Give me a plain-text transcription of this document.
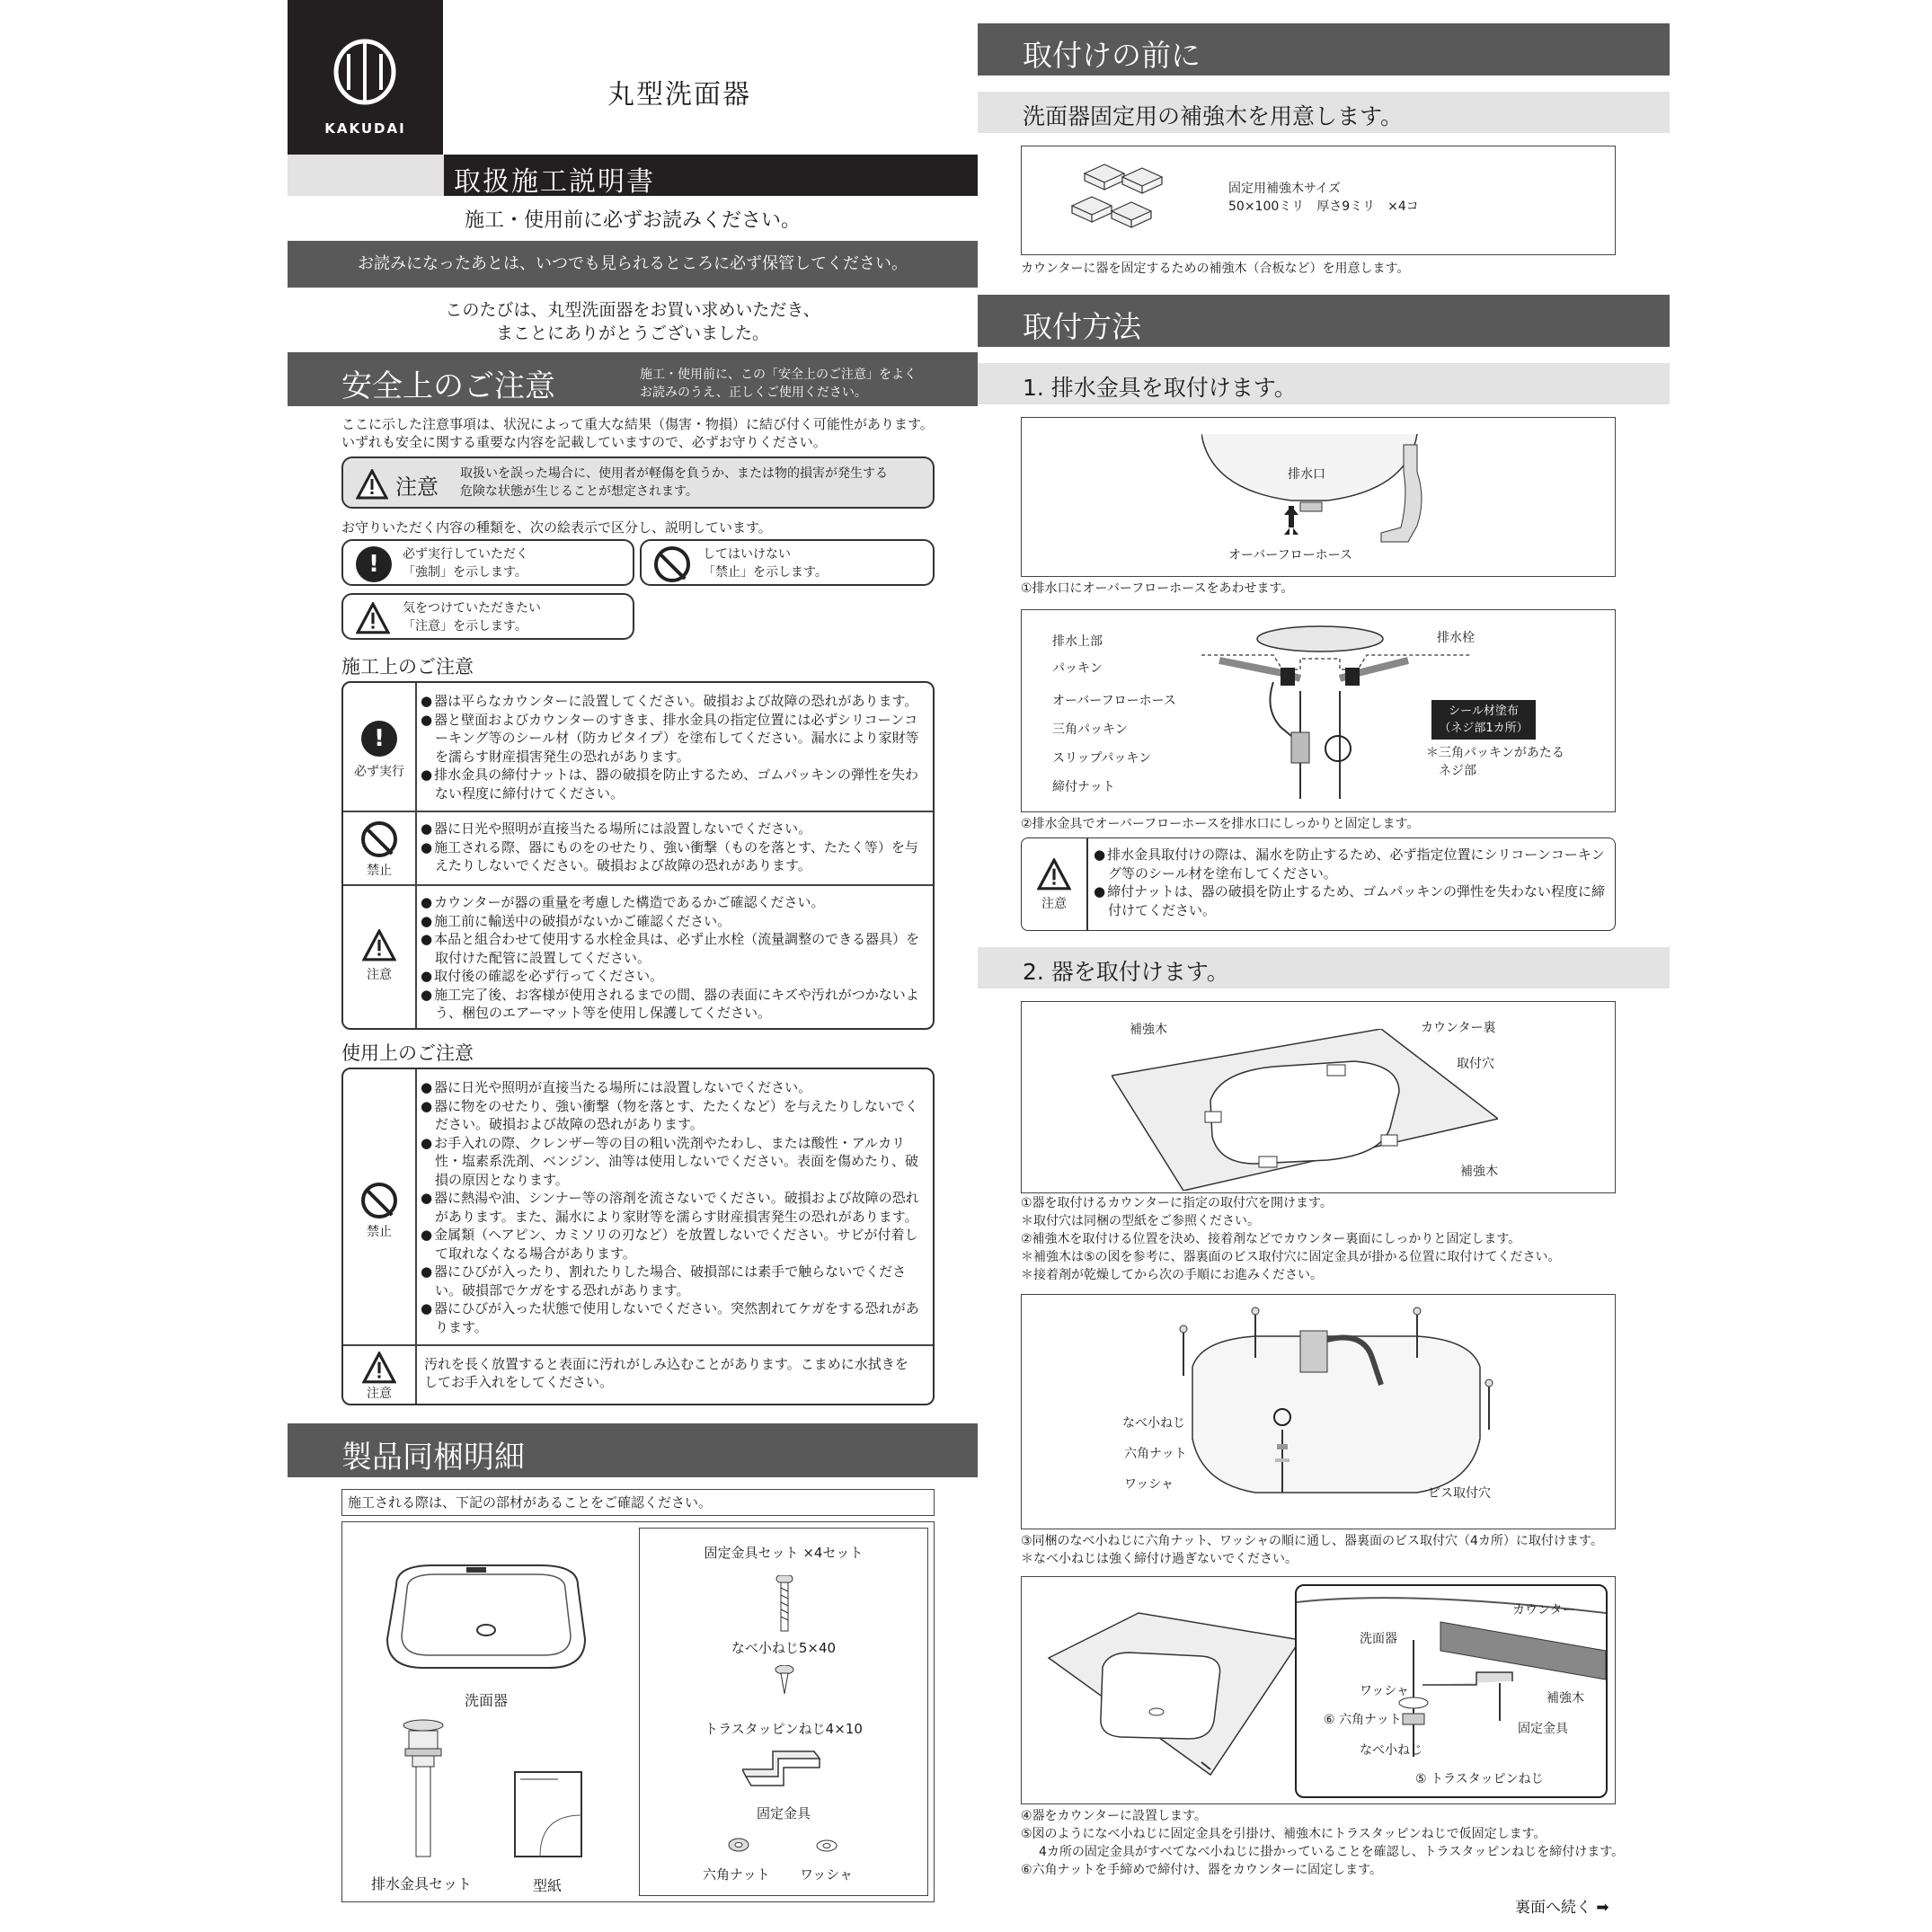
KAKUDAI
丸型洗面器
取扱施工説明書
施工・使用前に必ずお読みください。
お読みになったあとは、いつでも見られるところに必ず保管してください。
このたびは、丸型洗面器をお買い求めいただき、
まことにありがとうございました。
安全上のご注意	施工・使用前に、この「安全上のご注意」をよく
お読みのうえ、正しくご使用ください。
ここに示した注意事項は、状況によって重大な結果（傷害・物損）に結び付く可能性があります。
いずれも安全に関する重要な内容を記載していますので、必ずお守りください。
注意
取扱いを誤った場合に、使用者が軽傷を負うか、または物的損害が発生する
危険な状態が生じることが想定されます。
お守りいただく内容の種類を、次の絵表示で区分し、説明しています。
!	必ず実行していただく
「強制」を示します。
してはいけない
「禁止」を示します。
気をつけていただきたい
「注意」を示します。
施工上のご注意
!
必ず実行
● 器は平らなカウンターに設置してください。破損および故障の恐れがあります。
● 器と壁面およびカウンターのすきま、排水金具の指定位置には必ずシリコーンコーキング等のシール材（防カビタイプ）を塗布してください。漏水により家財等を濡らす財産損害発生の恐れがあります。
● 排水金具の締付ナットは、器の破損を防止するため、ゴムパッキンの弾性を失わない程度に締付けてください。
禁止
● 器に日光や照明が直接当たる場所には設置しないでください。
● 施工される際、器にものをのせたり、強い衝撃（ものを落とす、たたく等）を与えたりしないでください。破損および故障の恐れがあります。
注意
● カウンターが器の重量を考慮した構造であるかご確認ください。
● 施工前に輸送中の破損がないかご確認ください。
● 本品と組合わせて使用する水栓金具は、必ず止水栓（流量調整のできる器具）を取付けた配管に設置してください。
● 取付後の確認を必ず行ってください。
● 施工完了後、お客様が使用されるまでの間、器の表面にキズや汚れがつかないよう、梱包のエアーマット等を使用し保護してください。
使用上のご注意
禁止
● 器に日光や照明が直接当たる場所には設置しないでください。
● 器に物をのせたり、強い衝撃（物を落とす、たたくなど）を与えたりしないでください。破損および故障の恐れがあります。
● お手入れの際、クレンザー等の目の粗い洗剤やたわし、または酸性・アルカリ性・塩素系洗剤、ベンジン、油等は使用しないでください。表面を傷めたり、破損の原因となります。
● 器に熱湯や油、シンナー等の溶剤を流さないでください。破損および故障の恐れがあります。また、漏水により家財等を濡らす財産損害発生の恐れがあります。
● 金属類（ヘアピン、カミソリの刃など）を放置しないでください。サビが付着して取れなくなる場合があります。
● 器にひびが入ったり、割れたりした場合、破損部には素手で触らないでください。破損部でケガをする恐れがあります。
● 器にひびが入った状態で使用しないでください。突然割れてケガをする恐れがあります。
注意
汚れを長く放置すると表面に汚れがしみ込むことがあります。こまめに水拭きを
してお手入れをしてください。
製品同梱明細
施工される際は、下記の部材があることをご確認ください。
洗面器
排水金具セット	型紙
固定金具セット ×4セット
なべ小ねじ5×40
トラスタッピンねじ4×10
固定金具
六角ナット ワッシャ
取付けの前に
洗面器固定用の補強木を用意します。
固定用補強木サイズ
50×100ミリ　厚さ9ミリ　×4コ
カウンターに器を固定するための補強木（合板など）を用意します。
取付方法
1. 排水金具を取付けます。
排水口
オーバーフローホース
①排水口にオーバーフローホースをあわせます。
排水上部
パッキン
オーバーフローホース
三角パッキン
スリップパッキン
締付ナット
排水栓
シール材塗布
（ネジ部1カ所）
＊三角パッキンがあたる
ネジ部
②排水金具でオーバーフローホースを排水口にしっかりと固定します。
注意
● 排水金具取付けの際は、漏水を防止するため、必ず指定位置にシリコーンコーキング等のシール材を塗布してください。
● 締付ナットは、器の破損を防止するため、ゴムパッキンの弾性を失わない程度に締付けてください。
2. 器を取付けます。
補強木	カウンター裏
取付穴
補強木
①器を取付けるカウンターに指定の取付穴を開けます。
＊取付穴は同梱の型紙をご参照ください。
②補強木を取付ける位置を決め、接着剤などでカウンター裏面にしっかりと固定します。
＊補強木は⑤の図を参考に、器裏面のビス取付穴に固定金具が掛かる位置に取付けてください。
＊接着剤が乾燥してから次の手順にお進みください。
なべ小ねじ
六角ナット
ワッシャ
ビス取付穴
③同梱のなべ小ねじに六角ナット、ワッシャの順に通し、器裏面のビス取付穴（4カ所）に取付けます。
＊なべ小ねじは強く締付け過ぎないでください。
カウンター
洗面器
ワッシャ	補強木
⑥ 六角ナット
固定金具
なべ小ねじ
⑤ トラスタッピンねじ
④器をカウンターに設置します。
⑤図のようになべ小ねじに固定金具を引掛け、補強木にトラスタッピンねじで仮固定します。
4カ所の固定金具がすべてなべ小ねじに掛かっていることを確認し、トラスタッピンねじを締付けます。
⑥六角ナットを手締めで締付け、器をカウンターに固定します。
裏面へ続く ➡
